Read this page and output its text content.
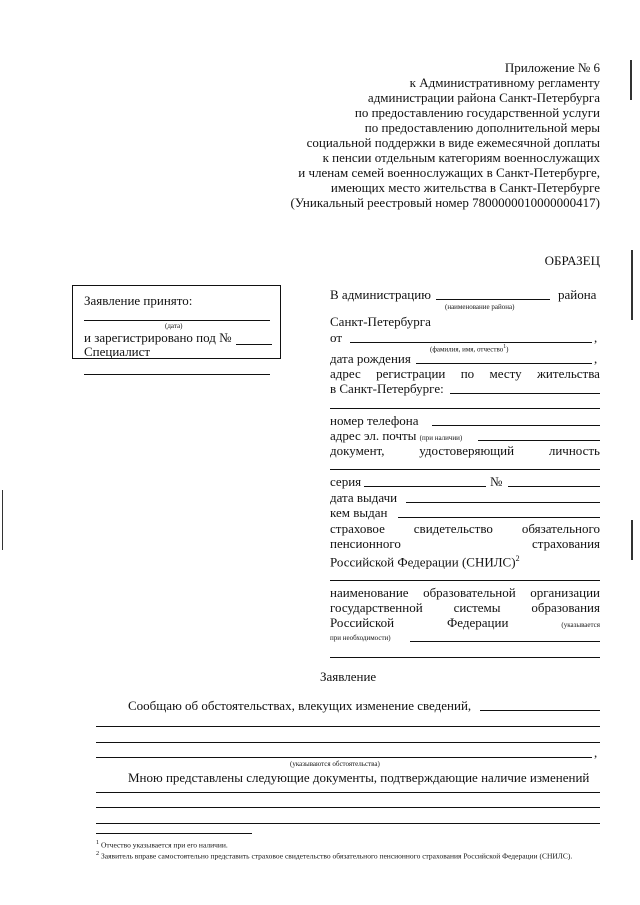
Приложение № 6
к Административному регламенту
администрации района Санкт-Петербурга
по предоставлению государственной услуги
по предоставлению дополнительной меры
социальной поддержки в виде ежемесячной доплаты
к пенсии отдельным категориям военнослужащих
и членам семей военнослужащих в Санкт-Петербурге,
имеющих место жительства в Санкт-Петербурге
(Уникальный реестровый номер 7800000010000000417)
ОБРАЗЕЦ
Заявление принято:
(дата)
и зарегистрировано под №
Специалист
В администрацию	района
(наименование района)
Санкт-Петербурга
от	,
(фамилия, имя, отчество$^1$)
дата рождения	,
адрес регистрации по месту жительства
в Санкт-Петербурге:
номер телефона
адрес эл. почты (при наличии)
документ,	удостоверяющий	личность
серия	№
дата выдачи
кем выдан
страховое свидетельство обязательного
пенсионного	страхования
Российской Федерации (СНИЛС)$^2$
наименование образовательной организации
государственной системы образования
Российской	Федерации	(указывается
при необходимости)
Заявление
Сообщаю об обстоятельствах, влекущих изменение сведений,
,
(указываются обстоятельства)
Мною представлены следующие документы, подтверждающие наличие изменений
$^1$ Отчество указывается при его наличии.
$^2$ Заявитель вправе самостоятельно представить страховое свидетельство обязательного пенсионного страхования Российской Федерации (СНИЛС).
